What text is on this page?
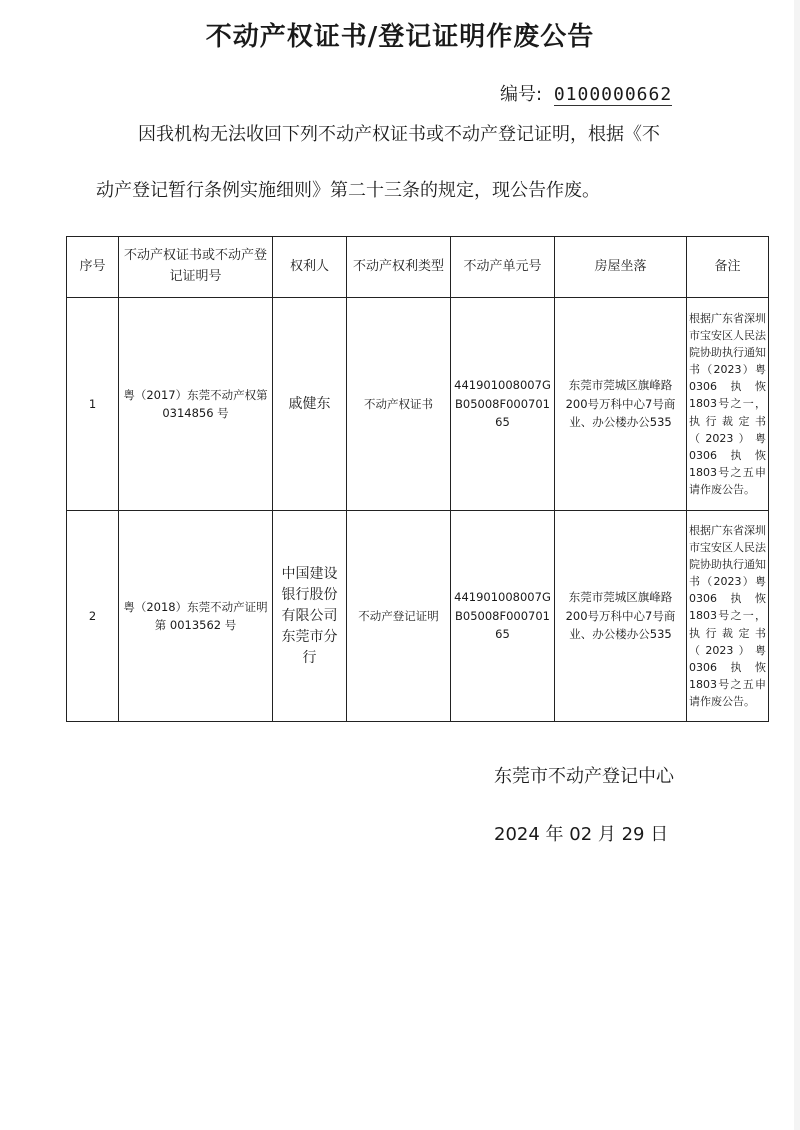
不动产权证书/登记证明作废公告
编号: 0100000662
因我机构无法收回下列不动产权证书或不动产登记证明，根据《不
动产登记暂行条例实施细则》第二十三条的规定，现公告作废。
序号	不动产权证书或不动产登记证明号	权利人	不动产权利类型	不动产单元号	房屋坐落	备注
1	粤（2017）东莞不动产权第 0314856 号	戚健东	不动产权证书	441901008007GB05008F00070165	东莞市莞城区旗峰路200号万科中心7号商业、办公楼办公535	根据广东省深圳市宝安区人民法院协助执行通知书（2023）粤0306执恢1803号之一，执行裁定书（2023）粤0306执恢1803号之五申请作废公告。
2	粤（2018）东莞不动产证明第 0013562 号	中国建设银行股份有限公司东莞市分行	不动产登记证明	441901008007GB05008F00070165	东莞市莞城区旗峰路200号万科中心7号商业、办公楼办公535	根据广东省深圳市宝安区人民法院协助执行通知书（2023）粤0306执恢1803号之一，执行裁定书（2023）粤0306执恢1803号之五申请作废公告。
东莞市不动产登记中心
2024 年 02 月 29 日
